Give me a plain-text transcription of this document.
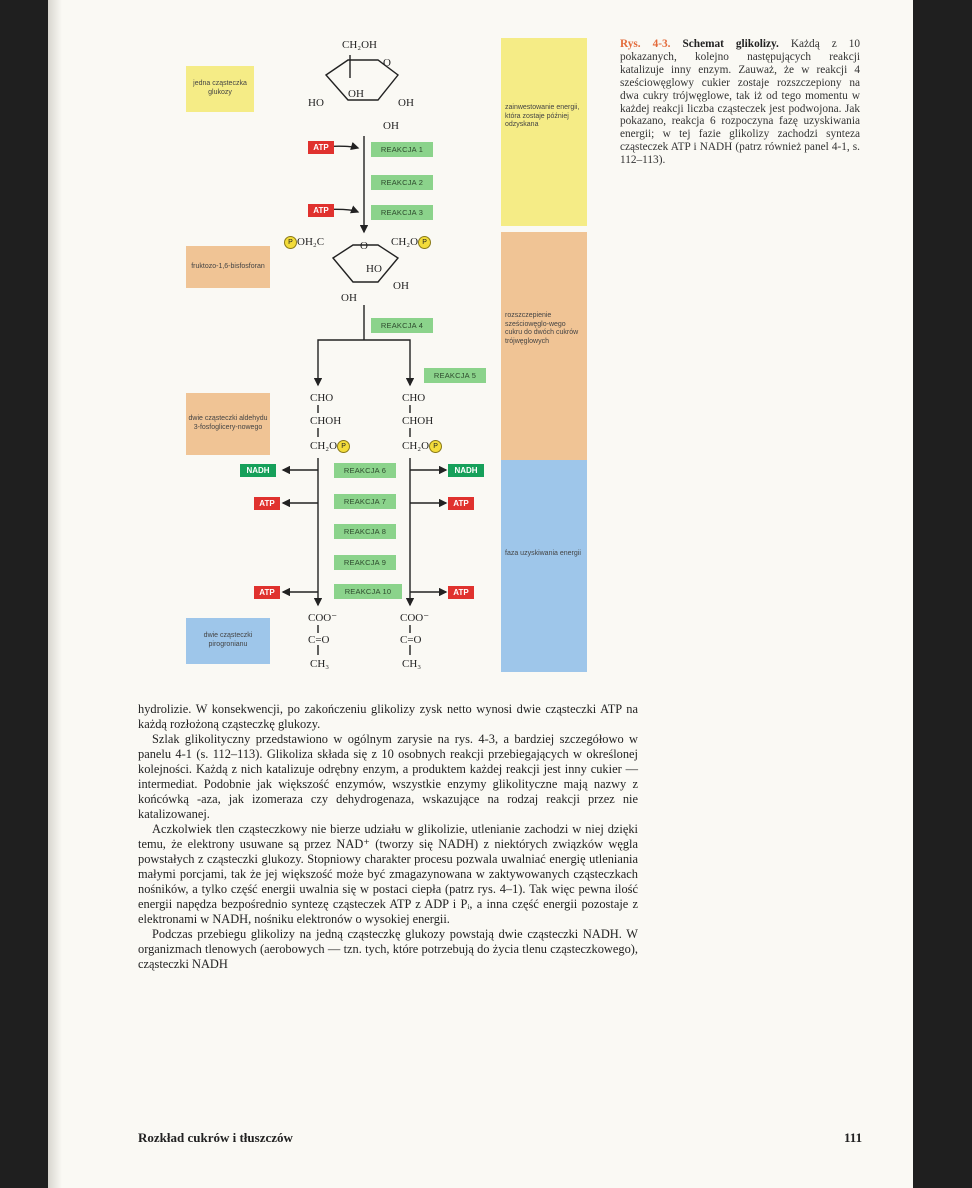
jedna cząsteczka glukozy
fruktozo-1,6-bisfosforan
dwie cząsteczki aldehydu 3-fosfoglicery-nowego
dwie cząsteczki pirogronianu
zainwestowanie energii, która zostaje później odzyskana
rozszczepienie sześciowęglo-wego cukru do dwóch cukrów trójwęglowych
faza uzyskiwania energii
CH₂OH
O
OH
HO	OH
OH
ATP	REAKCJA 1
REAKCJA 2
ATP	REAKCJA 3
P OH₂C	O CH₂O P
HO
OH
OH
REAKCJA 4
REAKCJA 5
CHO
CHOH
CH₂O P
CHO
CHOH
CH₂O P
NADH	REAKCJA 6	NADH
ATP	REAKCJA 7	ATP
REAKCJA 8
REAKCJA 9
ATP	REAKCJA 10	ATP
COO⁻
C=O
CH₃
COO⁻
C=O
CH₃
Rys. 4-3. Schemat glikolizy. Każdą z 10 pokazanych, kolejno następujących reakcji katalizuje inny enzym. Zauważ, że w reakcji 4 sześciowęglowy cukier zostaje rozszczepiony na dwa cukry trójwęglowe, tak iż od tego momentu w każdej reakcji liczba cząsteczek jest podwojona. Jak pokazano, reakcja 6 rozpoczyna fazę uzyskiwania energii; w tej fazie glikolizy zachodzi synteza cząsteczek ATP i NADH (patrz również panel 4-1, s. 112–113).

hydrolizie. W konsekwencji, po zakończeniu glikolizy zysk netto wynosi dwie cząsteczki ATP na każdą rozłożoną cząsteczkę glukozy.

Szlak glikolityczny przedstawiono w ogólnym zarysie na rys. 4-3, a bardziej szczegółowo w panelu 4-1 (s. 112–113). Glikoliza składa się z 10 osobnych reakcji przebiegających w określonej kolejności. Każdą z nich katalizuje odrębny enzym, a produktem każdej reakcji jest inny cukier — intermediat. Podobnie jak większość enzymów, wszystkie enzymy glikolityczne mają nazwy z końcówką -aza, jak izomeraza czy dehydrogenaza, wskazujące na rodzaj reakcji przez nie katalizowanej.

Aczkolwiek tlen cząsteczkowy nie bierze udziału w glikolizie, utlenianie zachodzi w niej dzięki temu, że elektrony usuwane są przez NAD⁺ (tworzy się NADH) z niektórych związków węgla powstałych z cząsteczki glukozy. Stopniowy charakter procesu pozwala uwalniać energię utleniania małymi porcjami, tak że jej większość może być zmagazynowana w zaktywowanych cząsteczkach nośników, a tylko część energii uwalnia się w postaci ciepła (patrz rys. 4–1). Tak więc pewna ilość energii napędza bezpośrednio syntezę cząsteczek ATP z ADP i Pᵢ, a inna część energii pozostaje z elektronami w NADH, nośniku elektronów o wysokiej energii.

Podczas przebiegu glikolizy na jedną cząsteczkę glukozy powstają dwie cząsteczki NADH. W organizmach tlenowych (aerobowych — tzn. tych, które potrzebują do życia tlenu cząsteczkowego), cząsteczki NADH

Rozkład cukrów i tłuszczów	111
